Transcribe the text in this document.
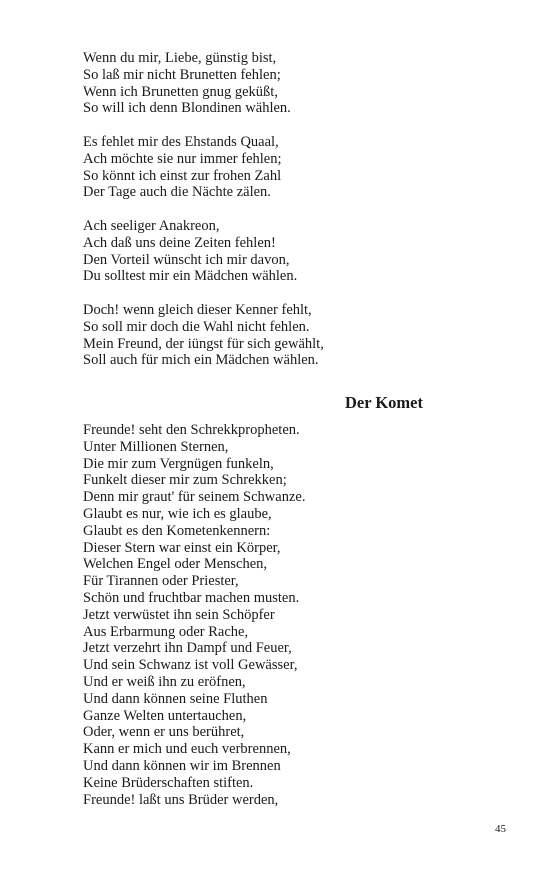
Wenn du mir, Liebe, günstig bist,
So laß mir nicht Brunetten fehlen;
Wenn ich Brunetten gnug geküßt,
So will ich denn Blondinen wählen.
Es fehlet mir des Ehstands Quaal,
Ach möchte sie nur immer fehlen;
So könnt ich einst zur frohen Zahl
Der Tage auch die Nächte zälen.
Ach seeliger Anakreon,
Ach daß uns deine Zeiten fehlen!
Den Vorteil wünscht ich mir davon,
Du solltest mir ein Mädchen wählen.
Doch! wenn gleich dieser Kenner fehlt,
So soll mir doch die Wahl nicht fehlen.
Mein Freund, der iüngst für sich gewählt,
Soll auch für mich ein Mädchen wählen.
Der Komet
Freunde! seht den Schrekkpropheten.
Unter Millionen Sternen,
Die mir zum Vergnügen funkeln,
Funkelt dieser mir zum Schrekken;
Denn mir graut' für seinem Schwanze.
Glaubt es nur, wie ich es glaube,
Glaubt es den Kometenkennern:
Dieser Stern war einst ein Körper,
Welchen Engel oder Menschen,
Für Tirannen oder Priester,
Schön und fruchtbar machen musten.
Jetzt verwüstet ihn sein Schöpfer
Aus Erbarmung oder Rache,
Jetzt verzehrt ihn Dampf und Feuer,
Und sein Schwanz ist voll Gewässer,
Und er weiß ihn zu eröfnen,
Und dann können seine Fluthen
Ganze Welten untertauchen,
Oder, wenn er uns berühret,
Kann er mich und euch verbrennen,
Und dann können wir im Brennen
Keine Brüderschaften stiften.
Freunde! laßt uns Brüder werden,
45
